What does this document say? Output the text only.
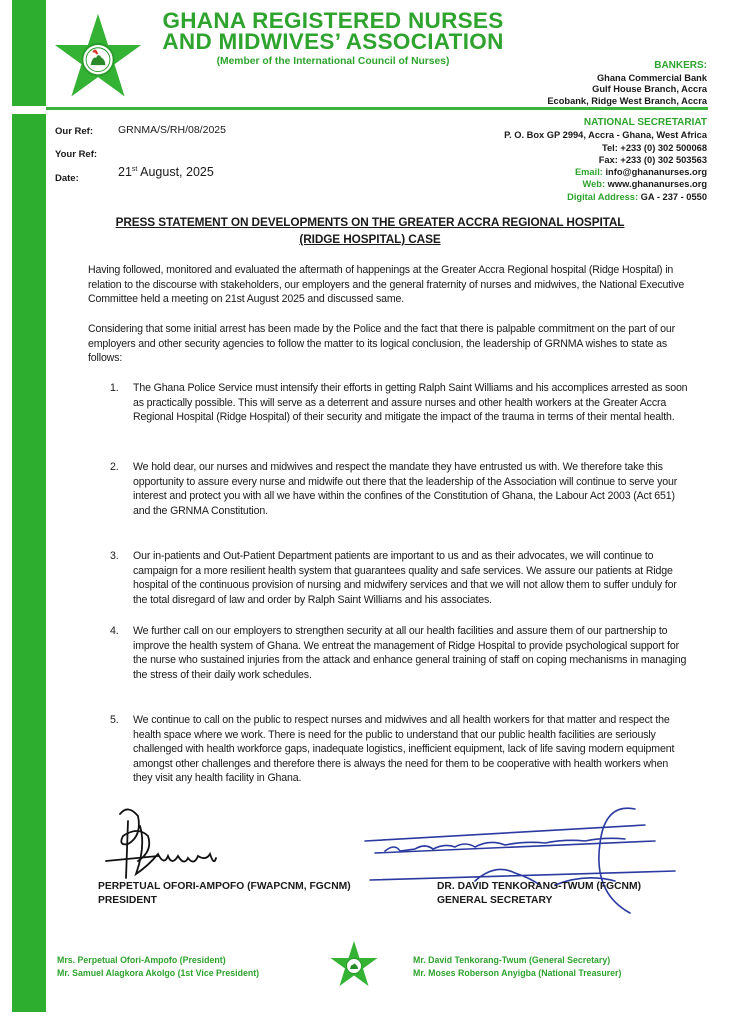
GHANA REGISTERED NURSES
AND MIDWIVES’ ASSOCIATION
(Member of the International Council of Nurses)	BANKERS:
Ghana Commercial Bank
Gulf House Branch, Accra
Ecobank, Ridge West Branch, Accra
NATIONAL SECRETARIAT
P. O. Box GP 2994, Accra - Ghana, West Africa
Tel: +233 (0) 302 500068
Fax: +233 (0) 302 503563
Email: info@ghananurses.org
Web: www.ghananurses.org
Digital Address: GA - 237 - 0550
Our Ref:	GRNMA/S/RH/08/2025
Your Ref:
Date:	21st August, 2025
PRESS STATEMENT ON DEVELOPMENTS ON THE GREATER ACCRA REGIONAL HOSPITAL
(RIDGE HOSPITAL) CASE

Having followed, monitored and evaluated the aftermath of happenings at the Greater Accra Regional hospital (Ridge Hospital) in relation to the discourse with stakeholders, our employers and the general fraternity of nurses and midwives, the National Executive Committee held a meeting on 21st August 2025 and discussed same.

Considering that some initial arrest has been made by the Police and the fact that there is palpable commitment on the part of our employers and other security agencies to follow the matter to its logical conclusion, the leadership of GRNMA wishes to state as follows:

1.	The Ghana Police Service must intensify their efforts in getting Ralph Saint Williams and his accomplices arrested as soon as practically possible. This will serve as a deterrent and assure nurses and other health workers at the Greater Accra Regional Hospital (Ridge Hospital) of their security and mitigate the impact of the trauma in terms of their mental health.
2.	We hold dear, our nurses and midwives and respect the mandate they have entrusted us with. We therefore take this opportunity to assure every nurse and midwife out there that the leadership of the Association will continue to serve your interest and protect you with all we have within the confines of the Constitution of Ghana, the Labour Act 2003 (Act 651) and the GRNMA Constitution.
3.	Our in-patients and Out-Patient Department patients are important to us and as their advocates, we will continue to campaign for a more resilient health system that guarantees quality and safe services. We assure our patients at Ridge hospital of the continuous provision of nursing and midwifery services and that we will not allow them to suffer unduly for the total disregard of law and order by Ralph Saint Williams and his associates.
4.	We further call on our employers to strengthen security at all our health facilities and assure them of our partnership to improve the health system of Ghana. We entreat the management of Ridge Hospital to provide psychological support for the nurse who sustained injuries from the attack and enhance general training of staff on coping mechanisms in managing the stress of their daily work schedules.
5.	We continue to call on the public to respect nurses and midwives and all health workers for that matter and respect the health space where we work. There is need for the public to understand that our public health facilities are seriously challenged with health workforce gaps, inadequate logistics, inefficient equipment, lack of life saving modern equipment amongst other challenges and therefore there is always the need for them to be cooperative with health workers when they visit any health facility in Ghana.
PERPETUAL OFORI-AMPOFO (FWAPCNM, FGCNM)
PRESIDENT
DR. DAVID TENKORANG-TWUM (FGCNM)
GENERAL SECRETARY
Mrs. Perpetual Ofori-Ampofo (President)
Mr. Samuel Alagkora Akolgo (1st Vice President)
Mr. David Tenkorang-Twum (General Secretary)
Mr. Moses Roberson Anyigba (National Treasurer)
